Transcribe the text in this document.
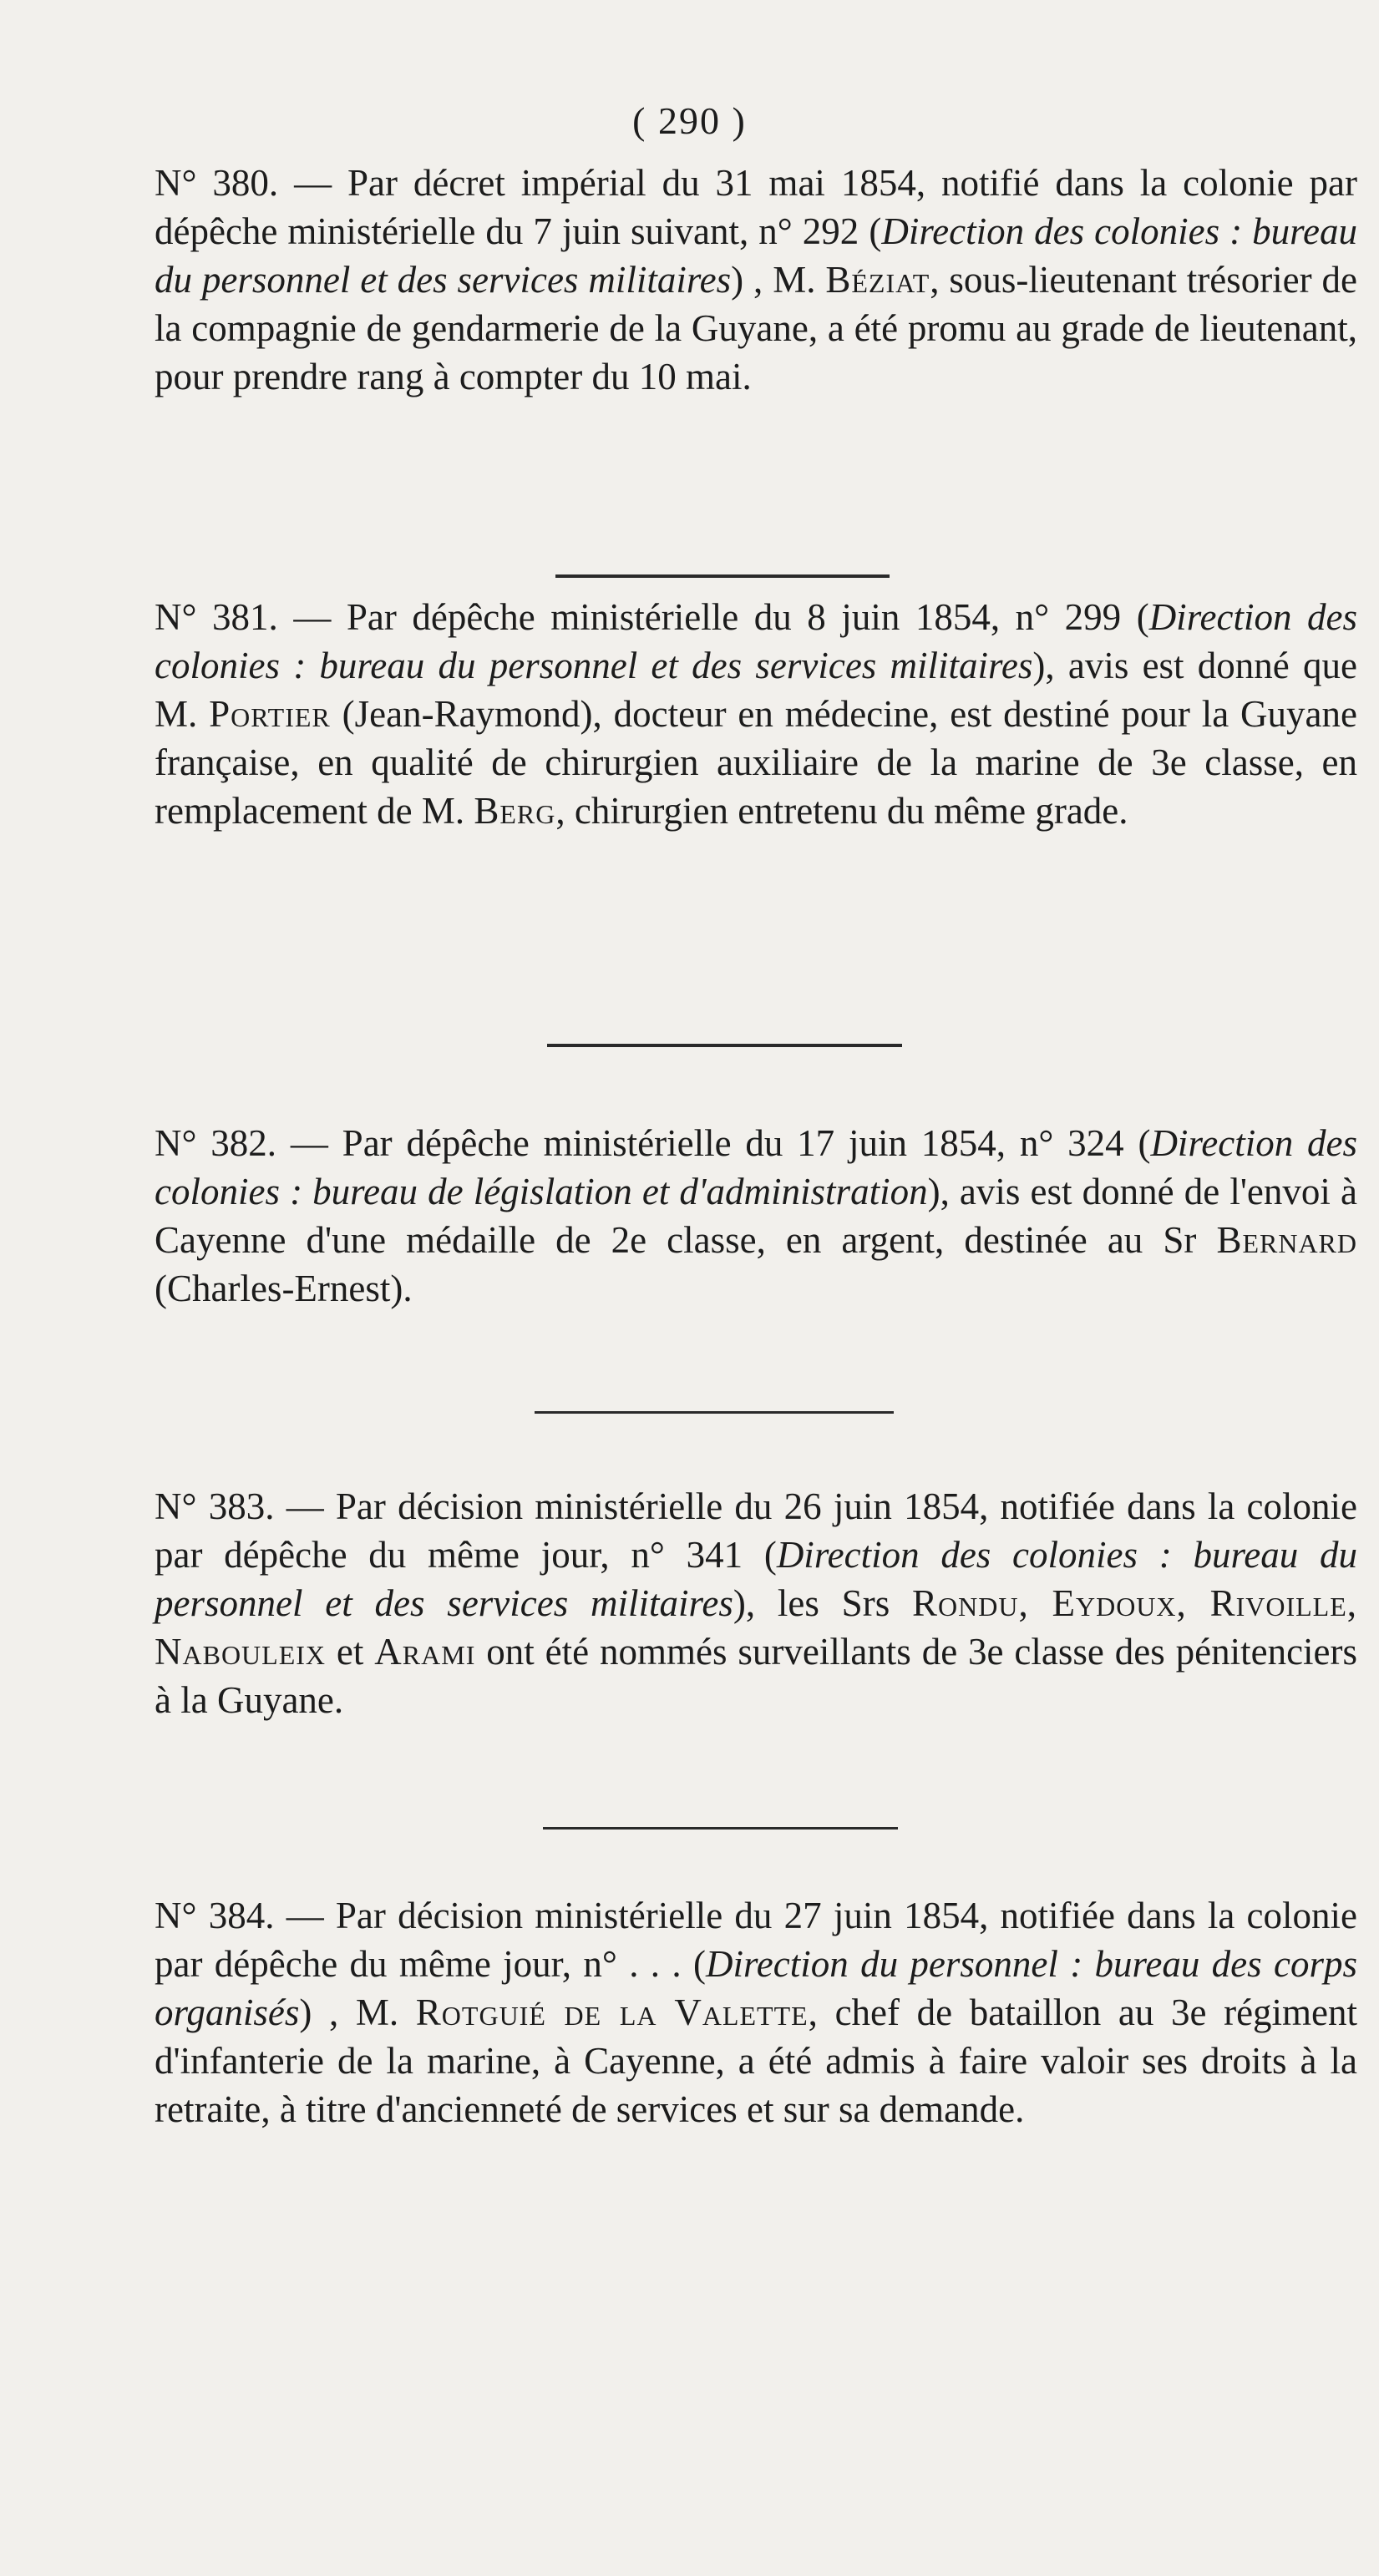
( 290 )
N° 380. — Par décret impérial du 31 mai 1854, notifié dans la colonie par dépêche ministérielle du 7 juin suivant, n° 292 (Direction des colonies : bureau du personnel et des services militaires) , M. Béziat, sous-lieutenant trésorier de la compagnie de gendarmerie de la Guyane, a été promu au grade de lieutenant, pour prendre rang à compter du 10 mai.
N° 381. — Par dépêche ministérielle du 8 juin 1854, n° 299 (Direction des colonies : bureau du personnel et des services militaires), avis est donné que M. Portier (Jean-Raymond), docteur en médecine, est destiné pour la Guyane française, en qualité de chirurgien auxiliaire de la marine de 3e classe, en remplacement de M. Berg, chirurgien entretenu du même grade.
N° 382. — Par dépêche ministérielle du 17 juin 1854, n° 324 (Direction des colonies : bureau de législation et d'administration), avis est donné de l'envoi à Cayenne d'une médaille de 2e classe, en argent, destinée au Sr Bernard (Charles-Ernest).
N° 383. — Par décision ministérielle du 26 juin 1854, notifiée dans la colonie par dépêche du même jour, n° 341 (Direction des colonies : bureau du personnel et des services militaires), les Srs Rondu, Eydoux, Rivoille, Naboulеix et Arami ont été nommés surveillants de 3e classe des pénitenciers à la Guyane.
N° 384. — Par décision ministérielle du 27 juin 1854, notifiée dans la colonie par dépêche du même jour, n° . . . (Direction du personnel : bureau des corps organisés) , M. Rotguié de la Valette, chef de bataillon au 3e régiment d'infanterie de la marine, à Cayenne, a été admis à faire valoir ses droits à la retraite, à titre d'ancienneté de services et sur sa demande.
